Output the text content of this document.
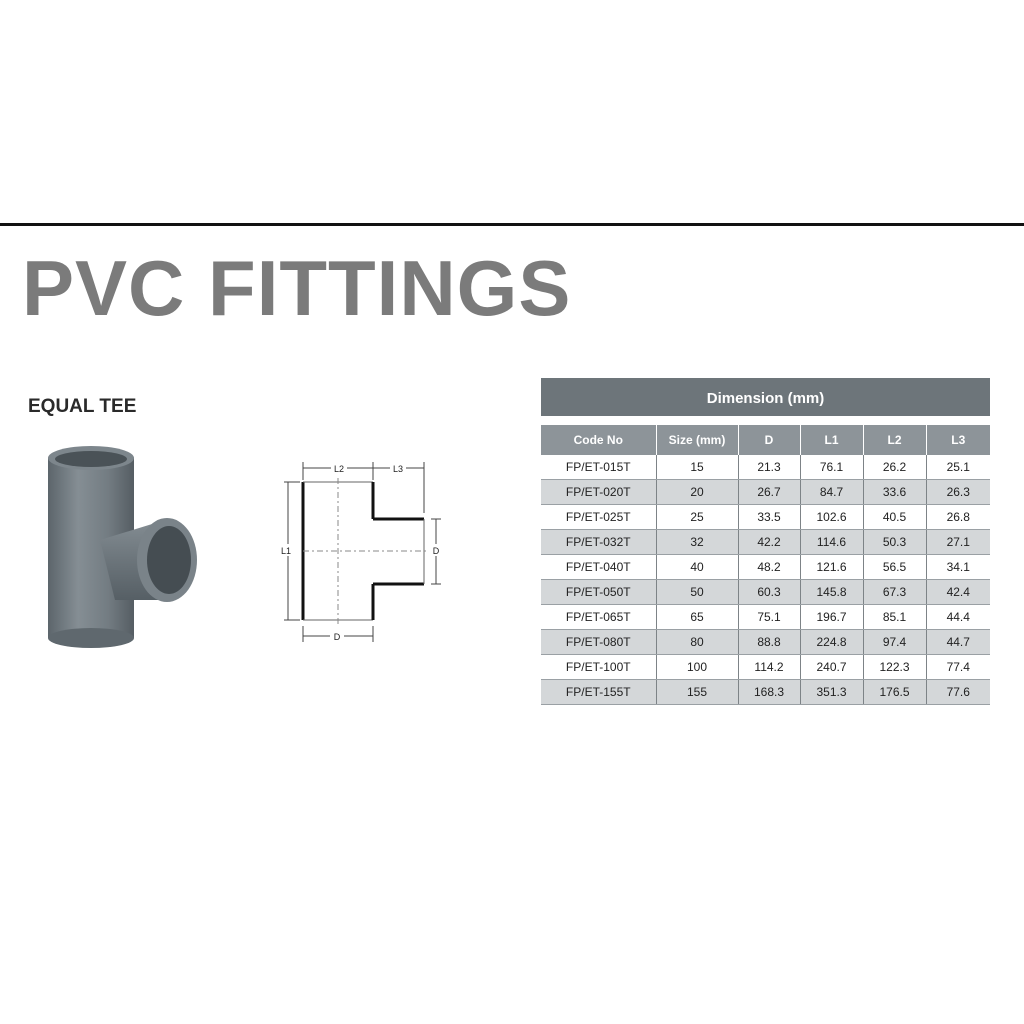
PVC FITTINGS
EQUAL TEE
L2	L3
L1	D
D
Dimension (mm)
Code No	Size (mm)	D	L1	L2	L3
FP/ET-015T	15	21.3	76.1	26.2	25.1
FP/ET-020T	20	26.7	84.7	33.6	26.3
FP/ET-025T	25	33.5	102.6	40.5	26.8
FP/ET-032T	32	42.2	114.6	50.3	27.1
FP/ET-040T	40	48.2	121.6	56.5	34.1
FP/ET-050T	50	60.3	145.8	67.3	42.4
FP/ET-065T	65	75.1	196.7	85.1	44.4
FP/ET-080T	80	88.8	224.8	97.4	44.7
FP/ET-100T	100	114.2	240.7	122.3	77.4
FP/ET-155T	155	168.3	351.3	176.5	77.6
